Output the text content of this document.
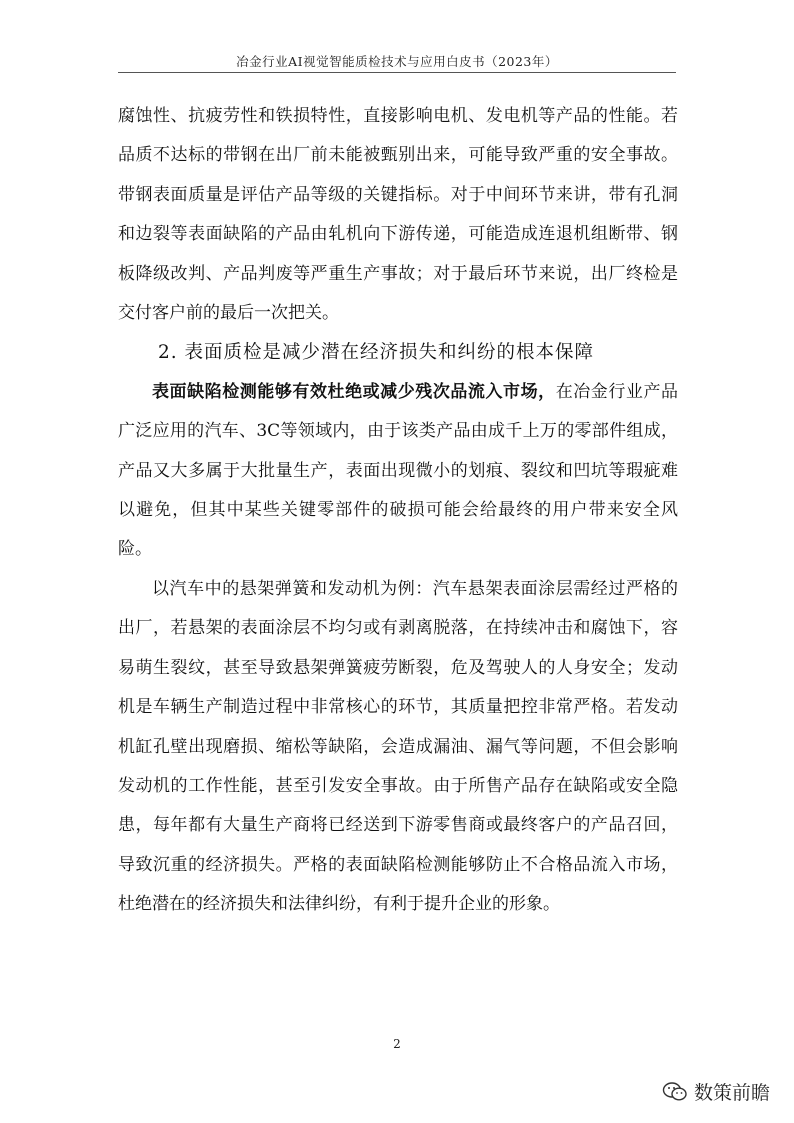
冶金行业AI视觉智能质检技术与应用白皮书（2023年）

腐蚀性、抗疲劳性和铁损特性，直接影响电机、发电机等产品的性能。若品质不达标的带钢在出厂前未能被甄别出来，可能导致严重的安全事故。带钢表面质量是评估产品等级的关键指标。对于中间环节来讲，带有孔洞和边裂等表面缺陷的产品由轧机向下游传递，可能造成连退机组断带、钢板降级改判、产品判废等严重生产事故；对于最后环节来说，出厂终检是交付客户前的最后一次把关。

2. 表面质检是减少潜在经济损失和纠纷的根本保障

表面缺陷检测能够有效杜绝或减少残次品流入市场，在冶金行业产品广泛应用的汽车、3C等领域内，由于该类产品由成千上万的零部件组成，产品又大多属于大批量生产，表面出现微小的划痕、裂纹和凹坑等瑕疵难以避免，但其中某些关键零部件的破损可能会给最终的用户带来安全风险。

以汽车中的悬架弹簧和发动机为例：汽车悬架表面涂层需经过严格的出厂，若悬架的表面涂层不均匀或有剥离脱落，在持续冲击和腐蚀下，容易萌生裂纹，甚至导致悬架弹簧疲劳断裂，危及驾驶人的人身安全；发动机是车辆生产制造过程中非常核心的环节，其质量把控非常严格。若发动机缸孔壁出现磨损、缩松等缺陷，会造成漏油、漏气等问题，不但会影响发动机的工作性能，甚至引发安全事故。由于所售产品存在缺陷或安全隐患，每年都有大量生产商将已经送到下游零售商或最终客户的产品召回，导致沉重的经济损失。严格的表面缺陷检测能够防止不合格品流入市场，杜绝潜在的经济损失和法律纠纷，有利于提升企业的形象。

2
数策前瞻
